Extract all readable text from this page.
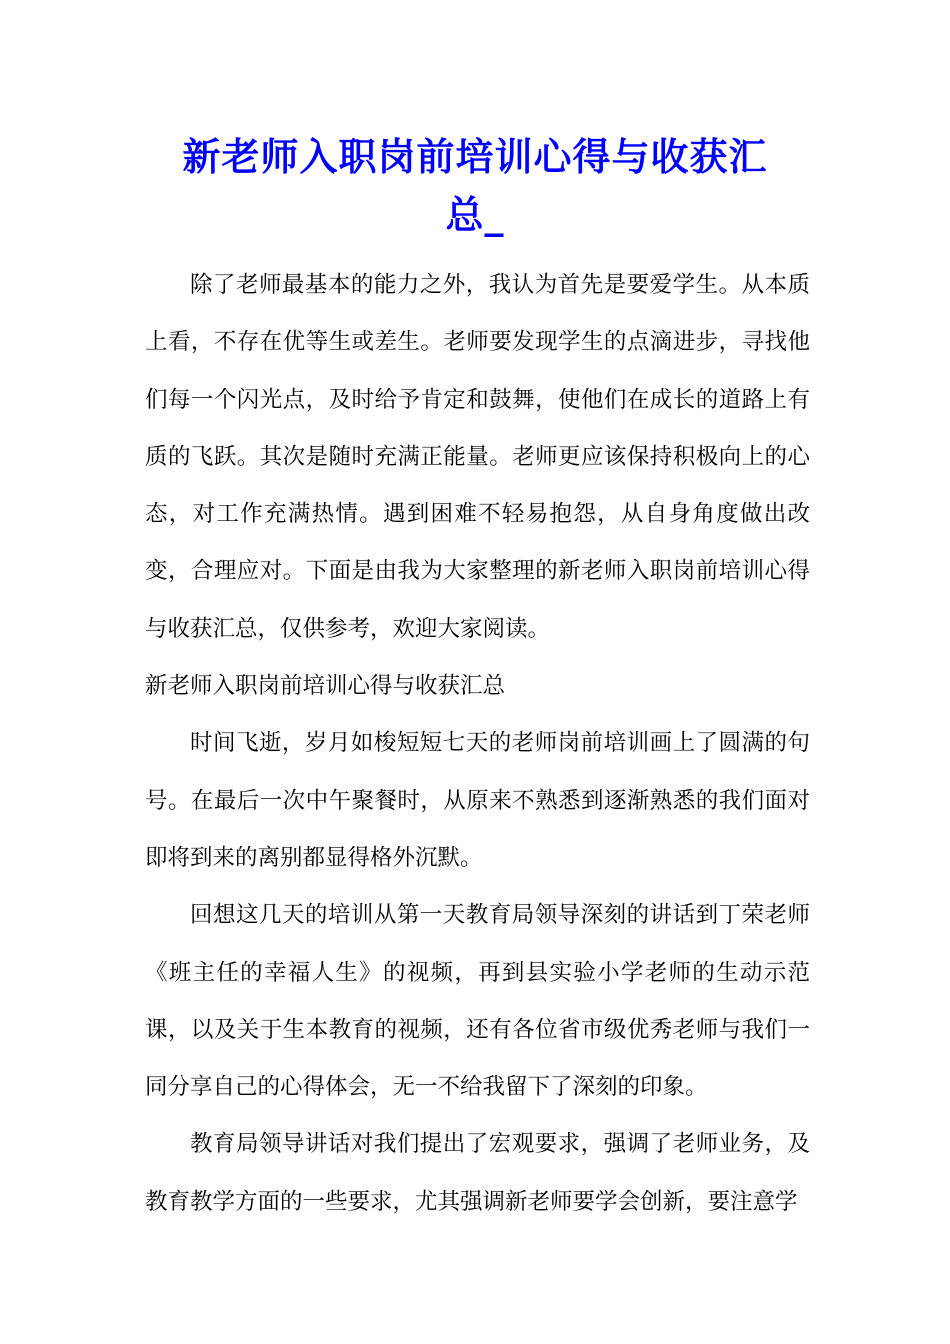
新老师入职岗前培训心得与收获汇
总_

除了老师最基本的能力之外，我认为首先是要爱学生。从本质上看，不存在优等生或差生。老师要发现学生的点滴进步，寻找他们每一个闪光点，及时给予肯定和鼓舞，使他们在成长的道路上有质的飞跃。其次是随时充满正能量。老师更应该保持积极向上的心态，对工作充满热情。遇到困难不轻易抱怨，从自身角度做出改变，合理应对。下面是由我为大家整理的新老师入职岗前培训心得与收获汇总，仅供参考，欢迎大家阅读。

新老师入职岗前培训心得与收获汇总

时间飞逝，岁月如梭短短七天的老师岗前培训画上了圆满的句号。在最后一次中午聚餐时，从原来不熟悉到逐渐熟悉的我们面对即将到来的离别都显得格外沉默。

回想这几天的培训从第一天教育局领导深刻的讲话到丁荣老师《班主任的幸福人生》的视频，再到县实验小学老师的生动示范课，以及关于生本教育的视频，还有各位省市级优秀老师与我们一同分享自己的心得体会，无一不给我留下了深刻的印象。

教育局领导讲话对我们提出了宏观要求，强调了老师业务，及教育教学方面的一些要求，尤其强调新老师要学会创新，要注意学
